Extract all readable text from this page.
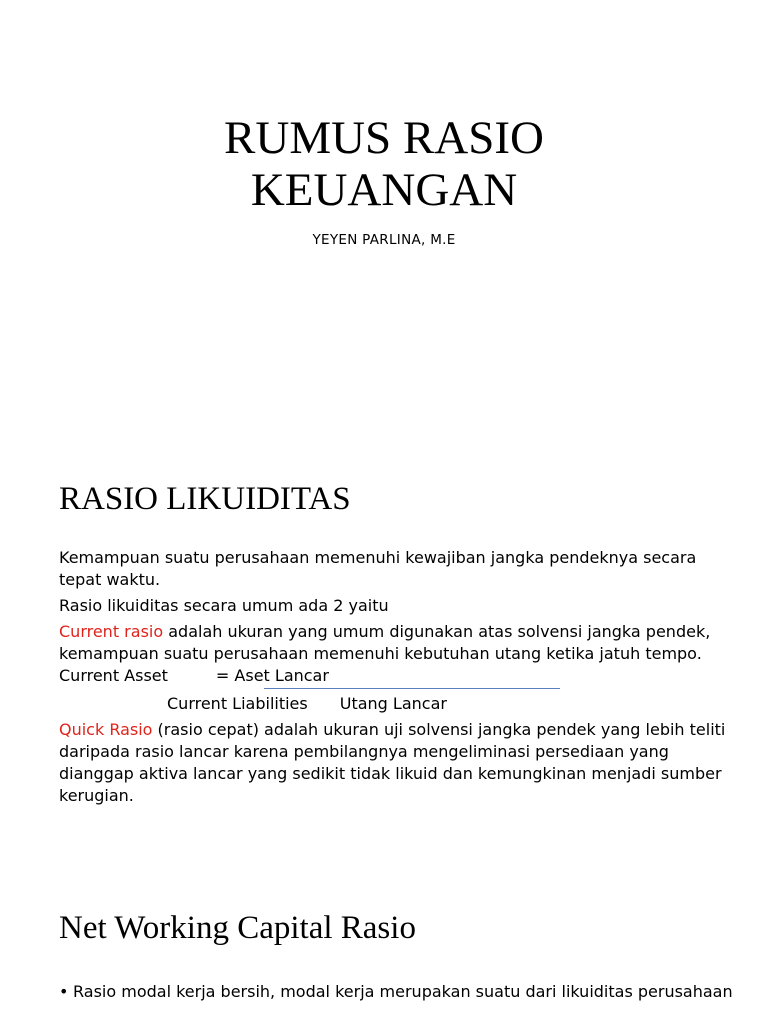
RUMUS RASIO
KEUANGAN
YEYEN PARLINA, M.E
RASIO LIKUIDITAS

Kemampuan suatu perusahaan memenuhi kewajiban jangka pendeknya secara tepat waktu.

Rasio likuiditas secara umum ada 2 yaitu

Current rasio adalah ukuran yang umum digunakan atas solvensi jangka pendek, kemampuan suatu perusahaan memenuhi kebutuhan utang ketika jatuh tempo. Current Asset	= Aset Lancar

Current Liabilities Utang Lancar

Quick Rasio (rasio cepat) adalah ukuran uji solvensi jangka pendek yang lebih teliti daripada rasio lancar karena pembilangnya mengeliminasi persediaan yang dianggap aktiva lancar yang sedikit tidak likuid dan kemungkinan menjadi sumber kerugian.

Net Working Capital Rasio
• Rasio modal kerja bersih, modal kerja merupakan suatu dari likuiditas perusahaan
